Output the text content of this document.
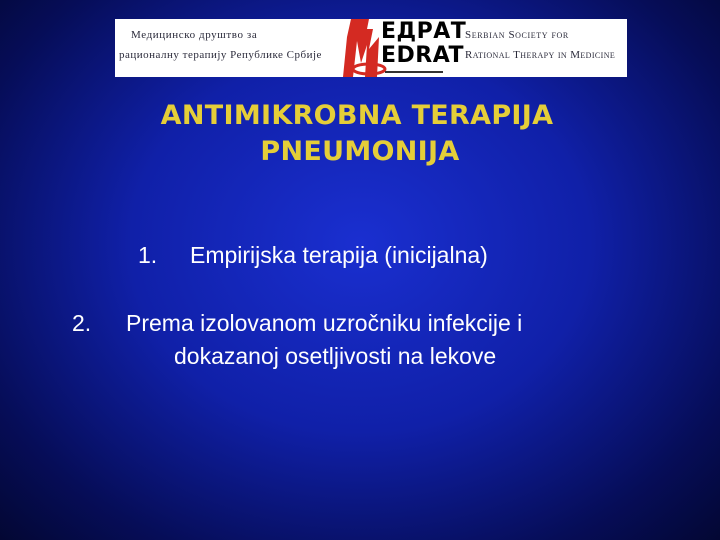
Медицинско друштво за
рационалну терапију Републике Србије
ЕДРАТ
EDRAT
Serbian Society for
Rational Therapy in Medicine
ANTIMIKROBNA TERAPIJA
PNEUMONIJA
1. Empirijska terapija (inicijalna)
2. Prema izolovanom uzročniku infekcije i
dokazanoj osetljivosti na lekove
